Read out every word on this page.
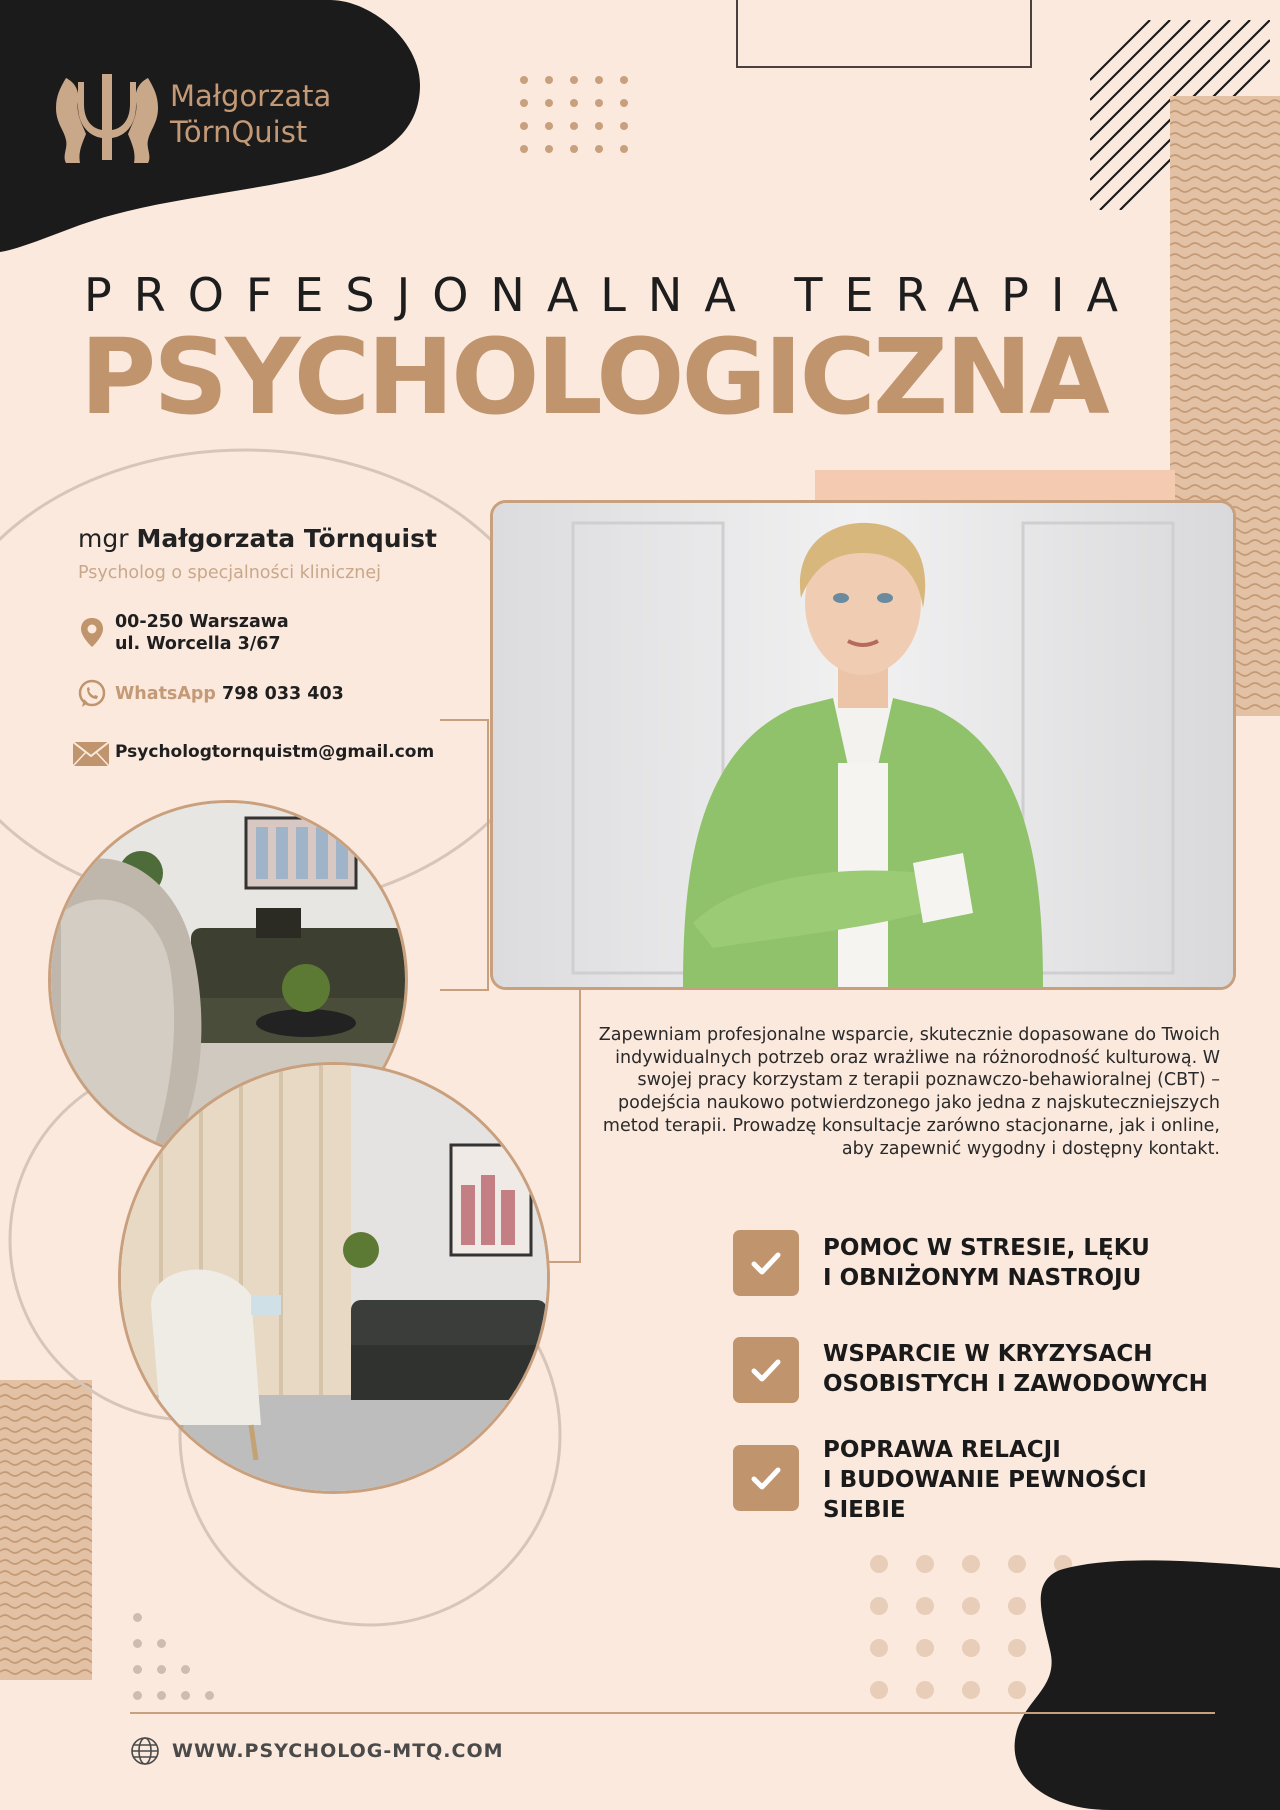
Małgorzata
TörnQuist
mgr Małgorzata Törnquist
Psycholog o specjalności klinicznej
00-250 Warszawa
ul. Worcella 3/67
WhatsApp 798 033 403
Psychologtornquistm@gmail.com
PROFESJONALNA TERAPIA
PSYCHOLOGICZNA
Zapewniam profesjonalne wsparcie, skutecznie dopasowane do Twoich indywidualnych potrzeb oraz wrażliwe na różnorodność kulturową. W swojej pracy korzystam z terapii poznawczo-behawioralnej (CBT) – podejścia naukowo potwierdzonego jako jedna z najskuteczniejszych metod terapii. Prowadzę konsultacje zarówno stacjonarne, jak i online, aby zapewnić wygodny i dostępny kontakt.
POMOC W STRESIE, LĘKU
I OBNIŻONYM NASTROJU
WSPARCIE W KRYZYSACH
OSOBISTYCH I ZAWODOWYCH
POPRAWA RELACJI
I BUDOWANIE PEWNOŚCI
SIEBIE
WWW.PSYCHOLOG-MTQ.COM
